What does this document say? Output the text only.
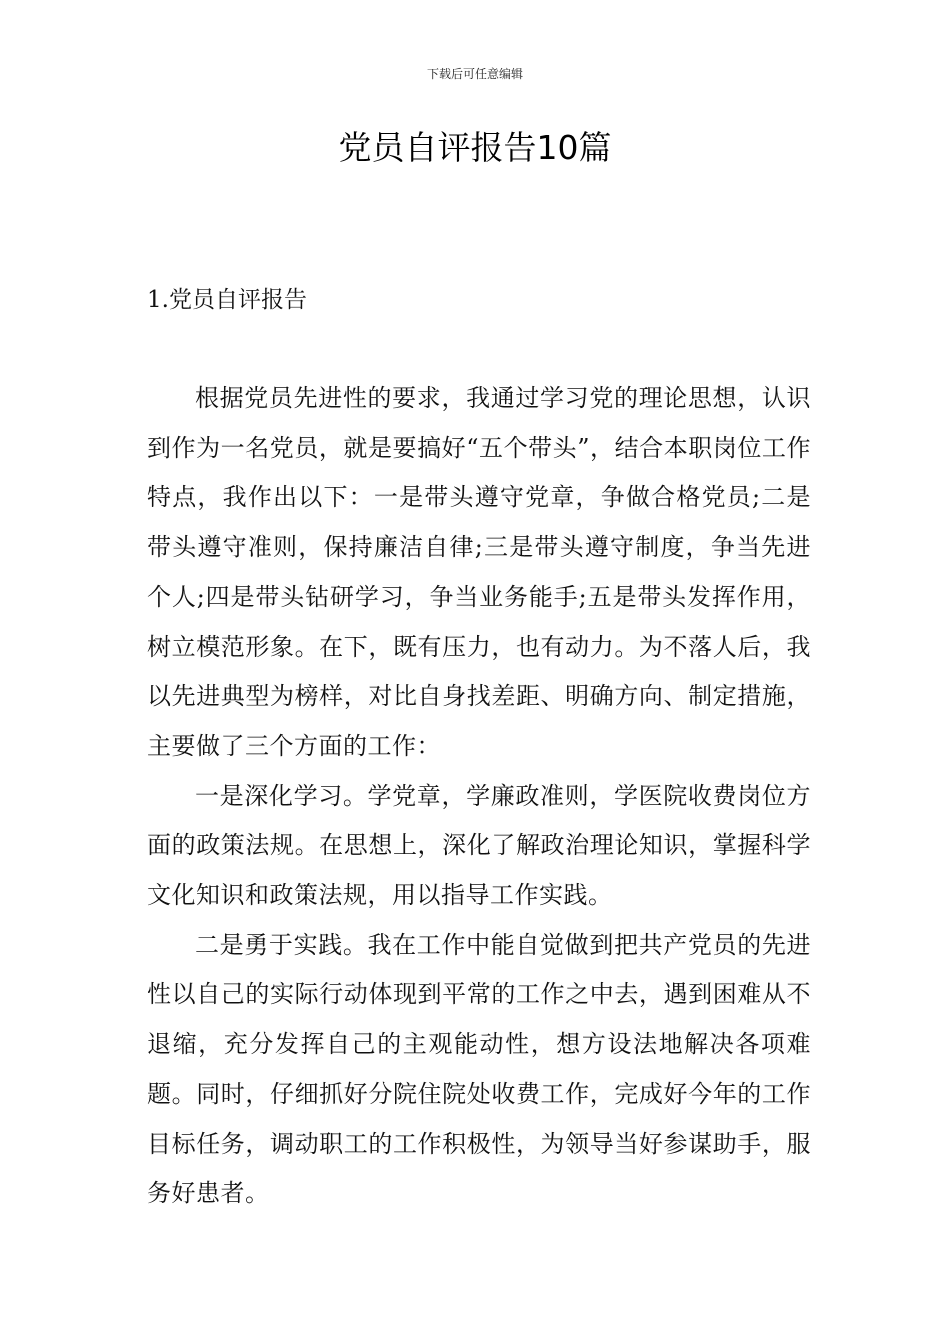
下载后可任意编辑
党员自评报告10篇
1.党员自评报告

根据党员先进性的要求，我通过学习党的理论思想，认识到作为一名党员，就是要搞好“五个带头”，结合本职岗位工作特点，我作出以下：一是带头遵守党章，争做合格党员;二是带头遵守准则，保持廉洁自律;三是带头遵守制度，争当先进个人;四是带头钻研学习，争当业务能手;五是带头发挥作用，树立模范形象。在下，既有压力，也有动力。为不落人后，我以先进典型为榜样，对比自身找差距、明确方向、制定措施，主要做了三个方面的工作：

一是深化学习。学党章，学廉政准则，学医院收费岗位方面的政策法规。在思想上，深化了解政治理论知识，掌握科学文化知识和政策法规，用以指导工作实践。

二是勇于实践。我在工作中能自觉做到把共产党员的先进性以自己的实际行动体现到平常的工作之中去，遇到困难从不退缩，充分发挥自己的主观能动性，想方设法地解决各项难题。同时，仔细抓好分院住院处收费工作，完成好今年的工作目标任务，调动职工的工作积极性，为领导当好参谋助手，服务好患者。
